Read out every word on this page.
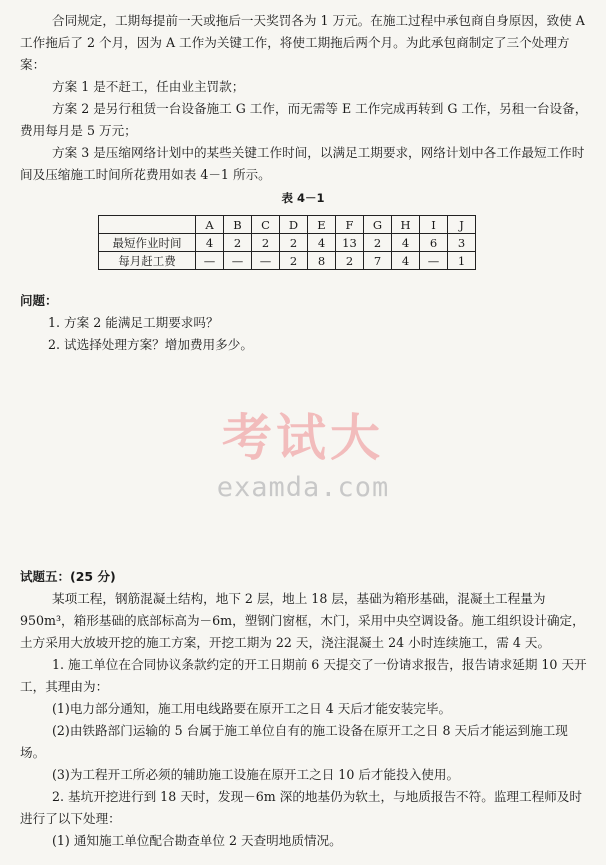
合同规定，工期每提前一天或拖后一天奖罚各为 1 万元。在施工过程中承包商自身原因，致使 A 工作拖后了 2 个月，因为 A 工作为关键工作，将使工期拖后两个月。为此承包商制定了三个处理方案：

方案 1 是不赶工，任由业主罚款；

方案 2 是另行租赁一台设备施工 G 工作，而无需等 E 工作完成再转到 G 工作，另租一台设备，费用每月是 5 万元；

方案 3 是压缩网络计划中的某些关键工作时间，以满足工期要求，网络计划中各工作最短工作时间及压缩施工时间所花费用如表 4－1 所示。

表 4－1
	A	B	C	D	E	F	G	H	I	J
最短作业时间	4	2	2	2	4	13	2	4	6	3
每月赶工费	—	—	—	2	8	2	7	4	—	1

问题：

1. 方案 2 能满足工期要求吗？

2. 试选择处理方案？增加费用多少。

考试大
examda.com

试题五：(25 分)

某项工程，钢筋混凝土结构，地下 2 层，地上 18 层，基础为箱形基础，混凝土工程量为 950m³，箱形基础的底部标高为－6m，塑钢门窗框，木门，采用中央空调设备。施工组织设计确定，土方采用大放坡开挖的施工方案，开挖工期为 22 天，浇注混凝土 24 小时连续施工，需 4 天。

1. 施工单位在合同协议条款约定的开工日期前 6 天提交了一份请求报告，报告请求延期 10 天开工，其理由为：

(1)电力部分通知，施工用电线路要在原开工之日 4 天后才能安装完毕。

(2)由铁路部门运输的 5 台属于施工单位自有的施工设备在原开工之日 8 天后才能运到施工现场。

(3)为工程开工所必须的辅助施工设施在原开工之日 10 后才能投入使用。

2. 基坑开挖进行到 18 天时，发现－6m 深的地基仍为软土，与地质报告不符。监理工程师及时进行了以下处理：

(1) 通知施工单位配合勘查单位 2 天查明地质情况。
